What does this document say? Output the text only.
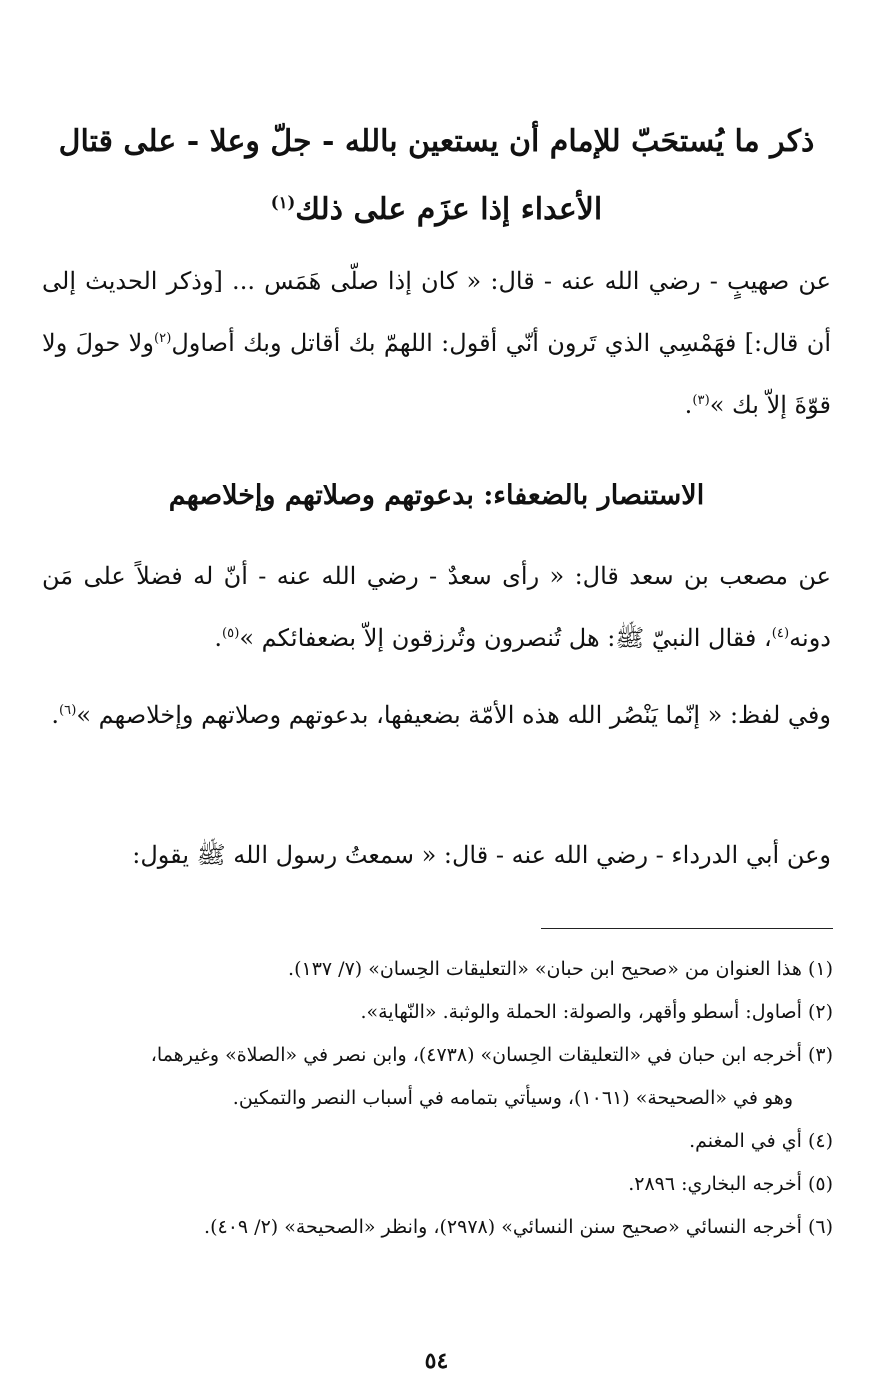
ذكر ما يُستحَبّ للإمام أن يستعين بالله - جلّ وعلا - على قتال الأعداء إذا عزَم على ذلك$^{(١)}$

عن صهيبٍ - رضي الله عنه - قال: « كان إذا صلّى هَمَس ... [وذكر الحديث إلى أن قال:] فهَمْسِي الذي تَرون أنّي أقول: اللهمّ بك أقاتل وبك أصاول$^{(٢)}$ولا حولَ ولا قوّةَ إلاّ بك »$^{(٣)}$.

الاستنصار بالضعفاء: بدعوتهم وصلاتهم وإخلاصهم

عن مصعب بن سعد قال: « رأى سعدٌ - رضي الله عنه - أنّ له فضلاً على مَن دونه$^{(٤)}$، فقال النبيّ ﷺ: هل تُنصرون وتُرزقون إلاّ بضعفائكم »$^{(٥)}$.

وفي لفظ: « إنّما يَنْصُر الله هذه الأمّة بضعيفها، بدعوتهم وصلاتهم وإخلاصهم »$^{(٦)}$.

وعن أبي الدرداء - رضي الله عنه - قال: « سمعتُ رسول الله ﷺ يقول:

(١) هذا العنوان من «صحيح ابن حبان» «التعليقات الحِسان» (٧/ ١٣٧).
(٢) أصاول: أسطو وأقهر، والصولة: الحملة والوثبة. «النّهاية».
(٣) أخرجه ابن حبان في «التعليقات الحِسان» (٤٧٣٨)، وابن نصر في «الصلاة» وغيرهما،
وهو في «الصحيحة» (١٠٦١)، وسيأتي بتمامه في أسباب النصر والتمكين.
(٤) أي في المغنم.
(٥) أخرجه البخاري: ٢٨٩٦.
(٦) أخرجه النسائي «صحيح سنن النسائي» (٢٩٧٨)، وانظر «الصحيحة» (٢/ ٤٠٩).
٥٤
